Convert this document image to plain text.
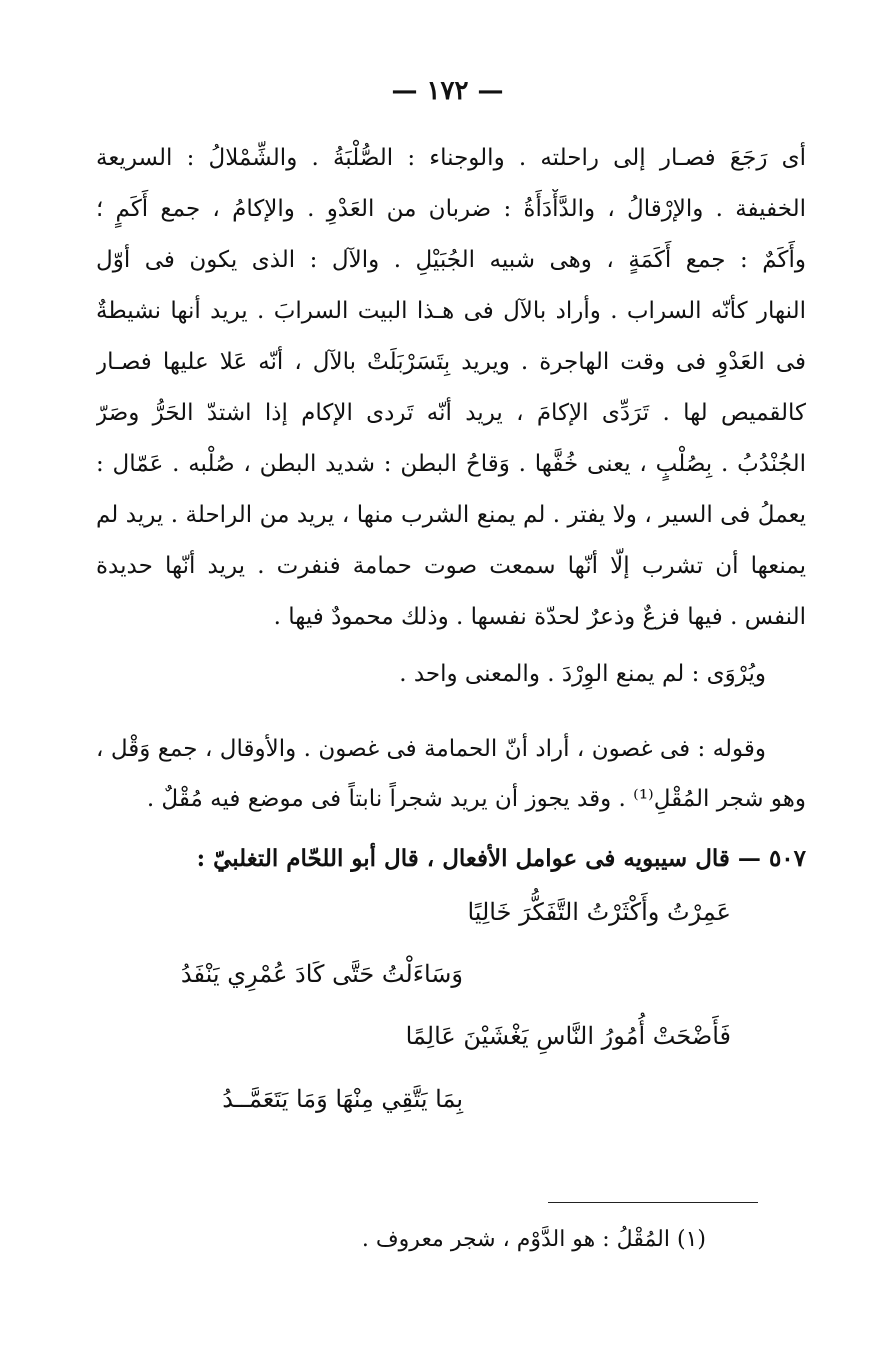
— ١٧٢ —
أى رَجَعَ فصـار إلى راحلته . والوجناء : الصُّلْبَةُ . والشِّمْلالُ : السريعة
الخفيفة . والإرْقالُ ، والدَّأْدَأَةُ : ضربان من العَدْوِ . والإكامُ ، جمع أَكَمٍ ؛
وأَكَمٌ : جمع أَكَمَةٍ ، وهى شبيه الجُبَيْلِ . والآل : الذى يكون فى أوّل
النهار كأنّه السراب . وأراد بالآل فى هـذا البيت السرابَ . يريد أنها نشيطةٌ
فى العَدْوِ فى وقت الهاجرة . ويريد بِتَسَرْبَلَتْ بالآل ، أنّه عَلا عليها فصـار
كالقميص لها . تَرَدِّى الإكامَ ، يريد أنّه تَردى الإكام إذا اشتدّ الحَرُّ وصَرّ
الجُنْدُبُ . بِصُلْبٍ ، يعنى خُفَّها . وَقاحُ البطن : شديد البطن ، صُلْبه . عَمّال :
يعملُ فى السير ، ولا يفتر . لم يمنع الشرب منها ، يريد من الراحلة . يريد لم
يمنعها أن تشرب إلّا أنّها سمعت صوت حمامة فنفرت . يريد أنّها حديدة
النفس . فيها فزعٌ وذعرٌ لحدّة نفسها . وذلك محمودٌ فيها .
ويُرْوَى : لم يمنع الوِرْدَ . والمعنى واحد .
وقوله : فى غصون ، أراد أنّ الحمامة فى غصون . والأوقال ، جمع وَقْل ،
وهو شجر المُقْلِ⁽¹⁾ . وقد يجوز أن يريد شجراً نابتاً فى موضع فيه مُقْلٌ .
٥٠٧ — قال سيبويه فى عوامل الأفعال ، قال أبو اللحّام التغلبيّ :
عَمِرْتُ وأَكْثَرْتُ التَّفَكُّرَ خَالِيًا
وَسَاءَلْتُ حَتَّى كَادَ عُمْرِي يَنْفَدُ
فَأَضْحَتْ أُمُورُ النَّاسِ يَغْشَيْنَ عَالِمًا
بِمَا يَتَّقِي مِنْهَا وَمَا يَتَعَمَّــدُ
(١) المُقْلُ : هو الدَّوْم ، شجر معروف .
